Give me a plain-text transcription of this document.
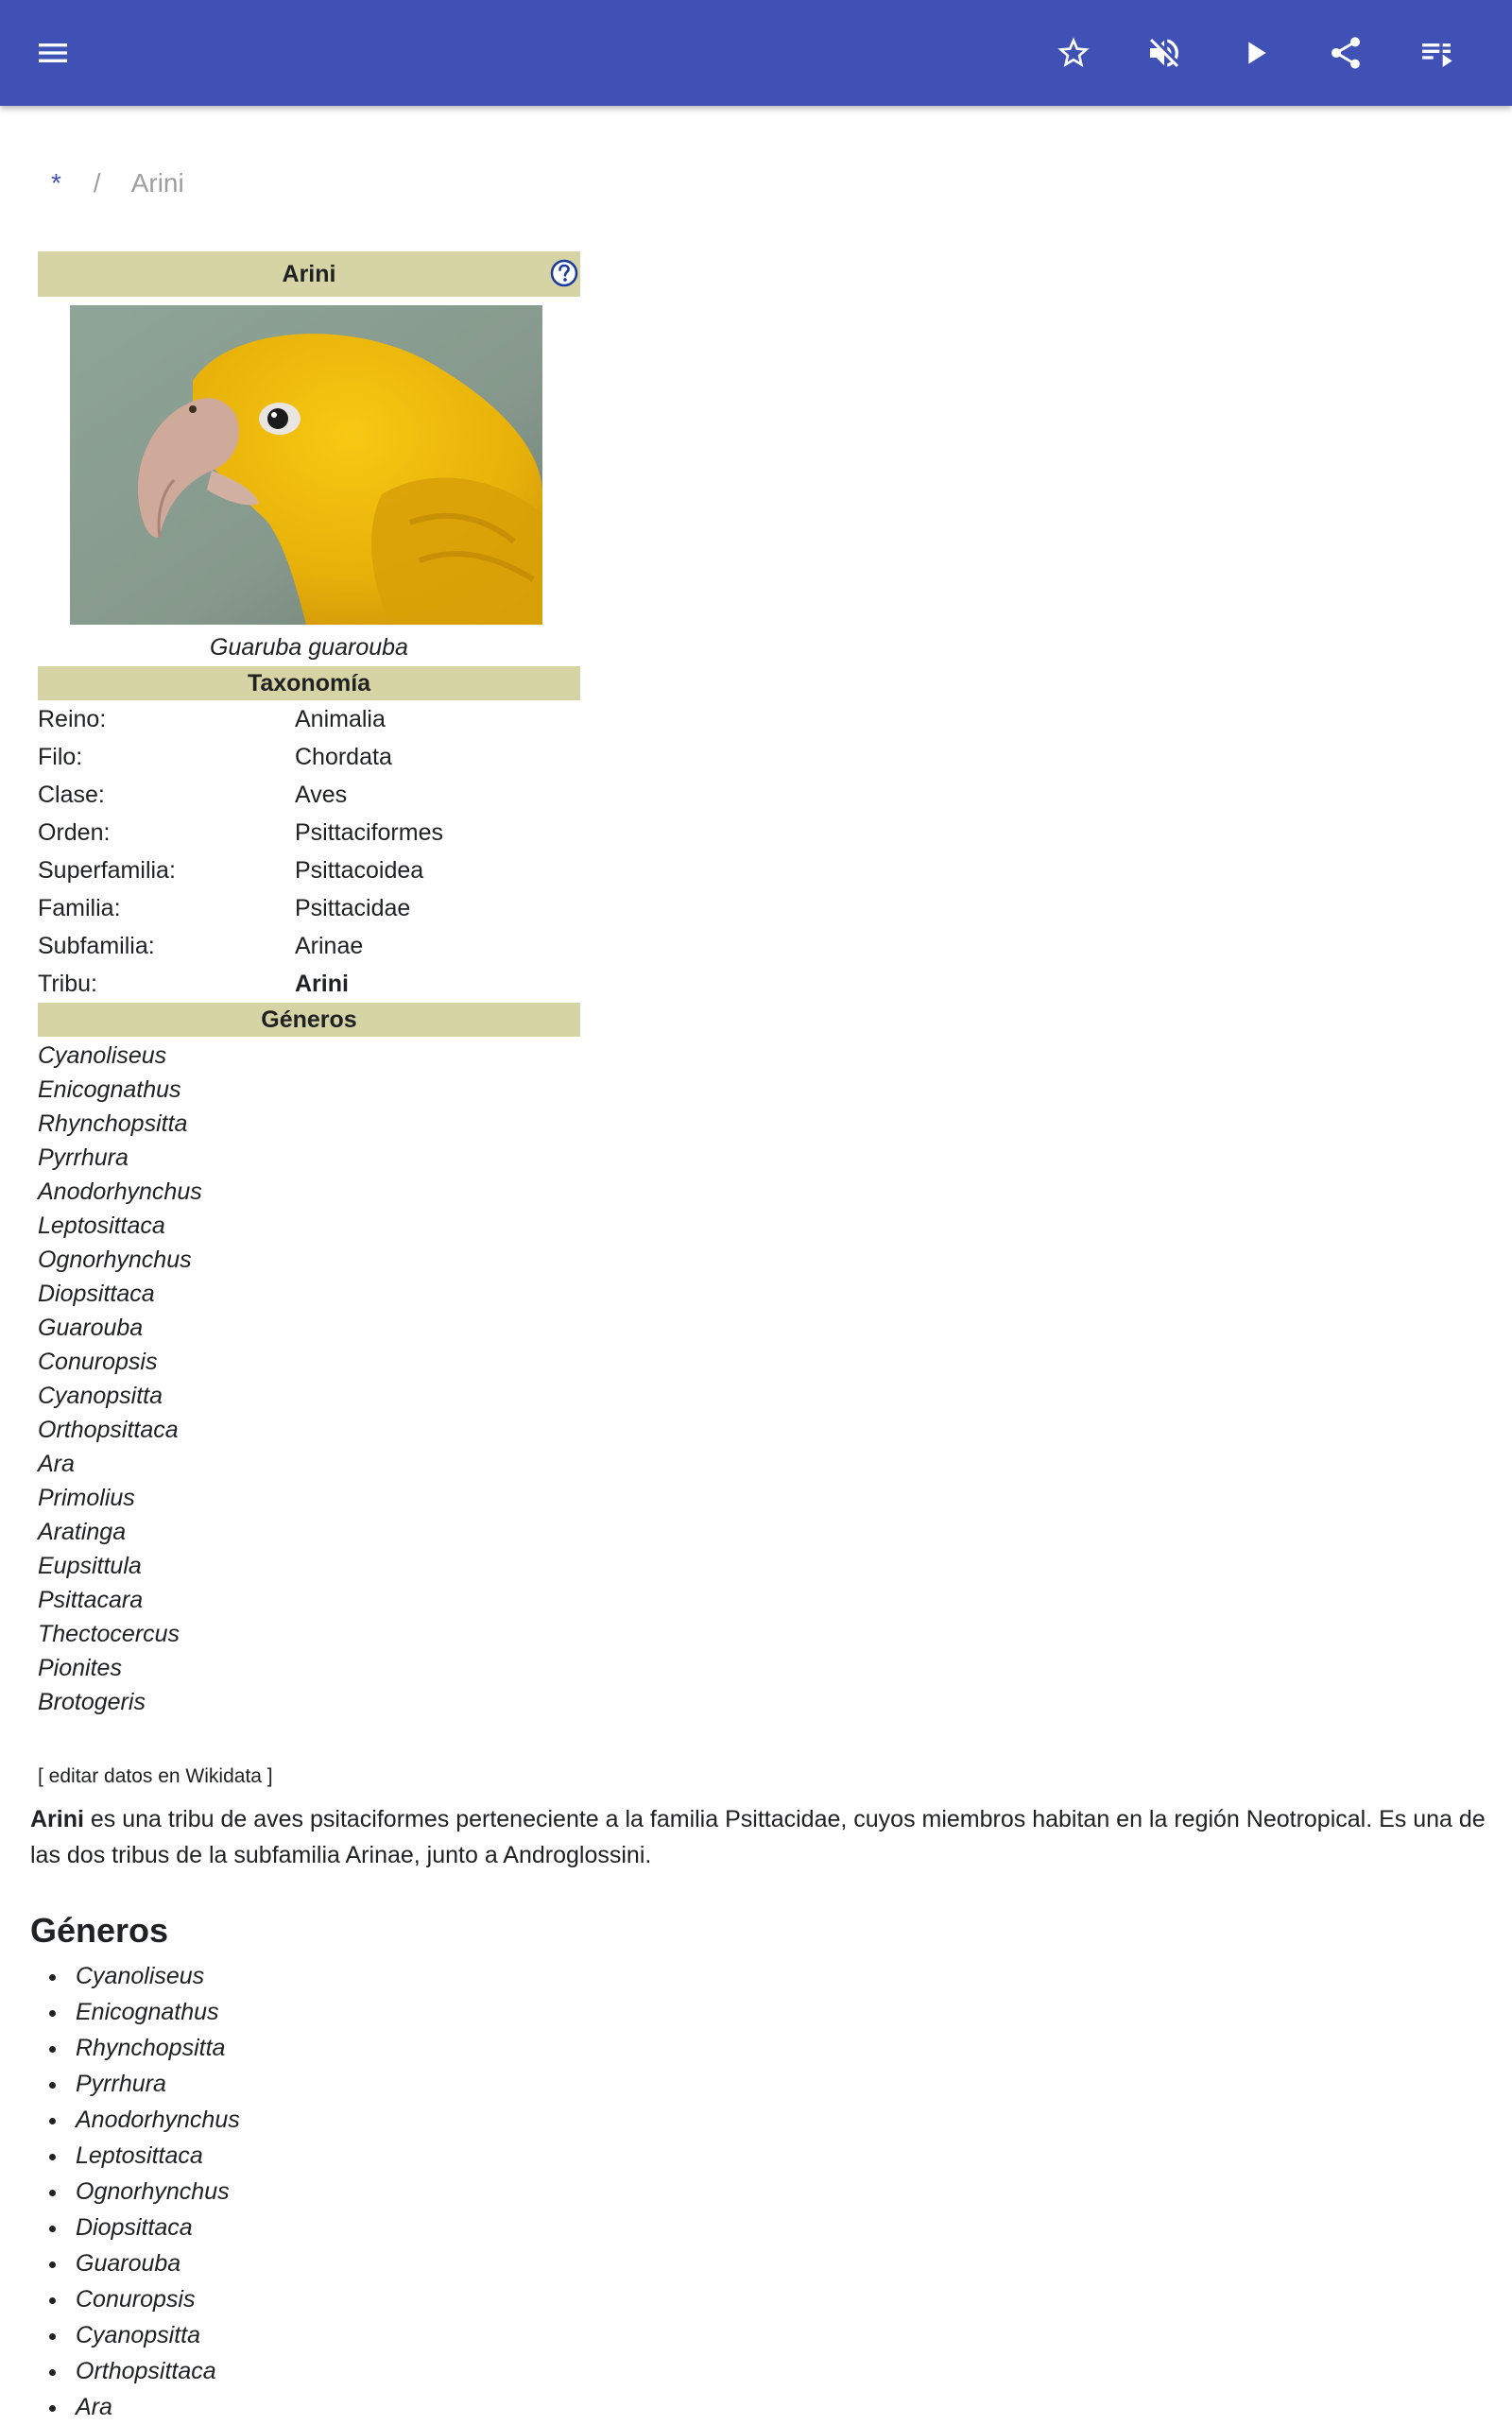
* / Arini
Arini
Guaruba guarouba
Taxonomía
Reino:	Animalia
Filo:	Chordata
Clase:	Aves
Orden:	Psittaciformes
Superfamilia:	Psittacoidea
Familia:	Psittacidae
Subfamilia:	Arinae
Tribu:	Arini
Géneros
Cyanoliseus
Enicognathus
Rhynchopsitta
Pyrrhura
Anodorhynchus
Leptosittaca
Ognorhynchus
Diopsittaca
Guarouba
Conuropsis
Cyanopsitta
Orthopsittaca
Ara
Primolius
Aratinga
Eupsittula
Psittacara
Thectocercus
Pionites
Brotogeris
[ editar datos en Wikidata ]
Arini es una tribu de aves psitaciformes perteneciente a la familia Psittacidae, cuyos miembros habitan en la región Neotropical. Es una de las dos tribus de la subfamilia Arinae, junto a Androglossini.
Géneros
Cyanoliseus
Enicognathus
Rhynchopsitta
Pyrrhura
Anodorhynchus
Leptosittaca
Ognorhynchus
Diopsittaca
Guarouba
Conuropsis
Cyanopsitta
Orthopsittaca
Ara
